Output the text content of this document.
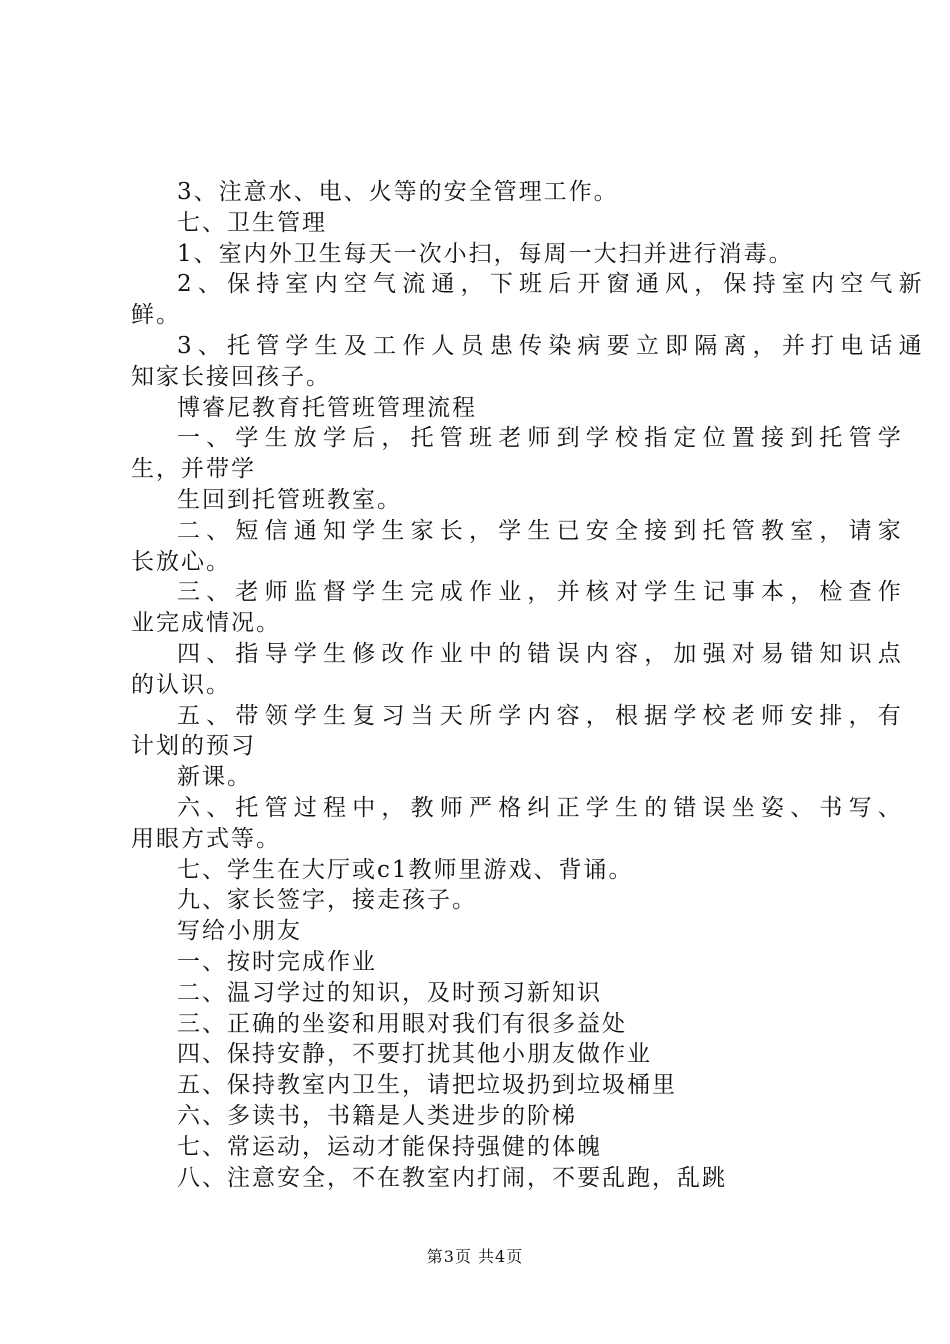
3、注意水、电、火等的安全管理工作。
七、卫生管理
1、室内外卫生每天一次小扫，每周一大扫并进行消毒。
2、保持室内空气流通，下班后开窗通风，保持室内空气新
鲜。
3、托管学生及工作人员患传染病要立即隔离，并打电话通
知家长接回孩子。
博睿尼教育托管班管理流程
一、学生放学后，托管班老师到学校指定位置接到托管学
生，并带学
生回到托管班教室。
二、短信通知学生家长，学生已安全接到托管教室，请家
长放心。
三、老师监督学生完成作业，并核对学生记事本，检查作
业完成情况。
四、指导学生修改作业中的错误内容，加强对易错知识点
的认识。
五、带领学生复习当天所学内容，根据学校老师安排，有
计划的预习
新课。
六、托管过程中，教师严格纠正学生的错误坐姿、书写、
用眼方式等。
七、学生在大厅或c1教师里游戏、背诵。
九、家长签字，接走孩子。
写给小朋友
一、按时完成作业
二、温习学过的知识，及时预习新知识
三、正确的坐姿和用眼对我们有很多益处
四、保持安静，不要打扰其他小朋友做作业
五、保持教室内卫生，请把垃圾扔到垃圾桶里
六、多读书，书籍是人类进步的阶梯
七、常运动，运动才能保持强健的体魄
八、注意安全，不在教室内打闹，不要乱跑，乱跳
第3页 共4页
